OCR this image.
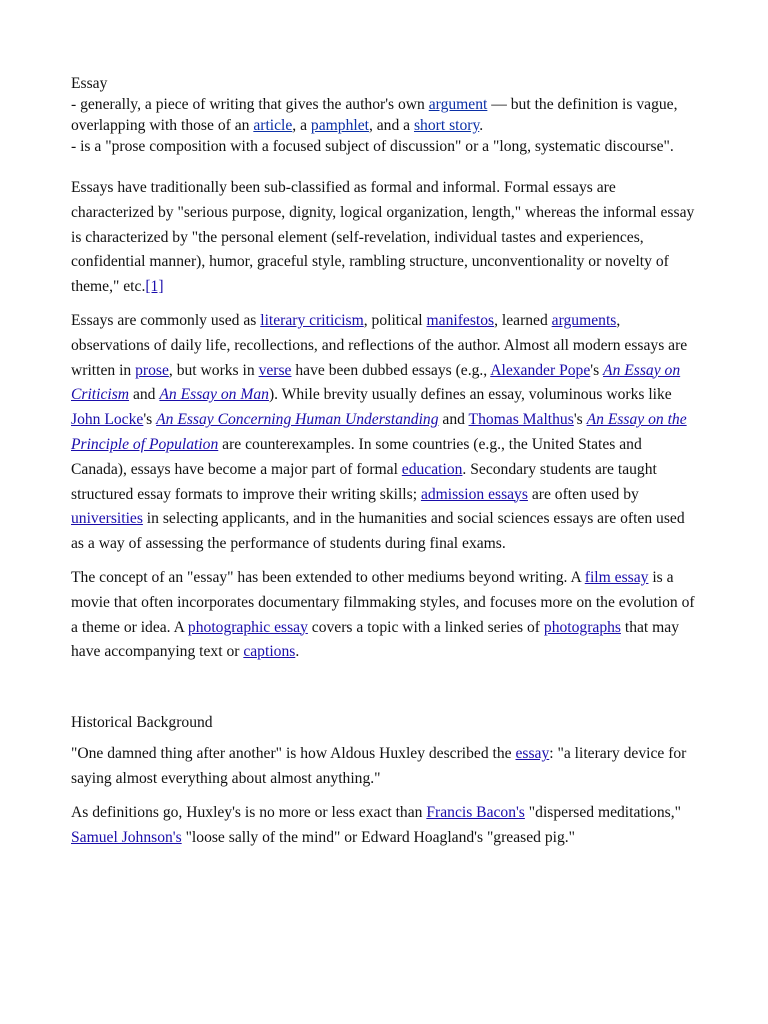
Essay

- generally, a piece of writing that gives the author's own argument — but the definition is vague, overlapping with those of an article, a pamphlet, and a short story.

- is a "prose composition with a focused subject of discussion" or a "long, systematic discourse".

Essays have traditionally been sub-classified as formal and informal. Formal essays are characterized by "serious purpose, dignity, logical organization, length," whereas the informal essay is characterized by "the personal element (self-revelation, individual tastes and experiences, confidential manner), humor, graceful style, rambling structure, unconventionality or novelty of theme," etc.[1]

Essays are commonly used as literary criticism, political manifestos, learned arguments, observations of daily life, recollections, and reflections of the author. Almost all modern essays are written in prose, but works in verse have been dubbed essays (e.g., Alexander Pope's An Essay on Criticism and An Essay on Man). While brevity usually defines an essay, voluminous works like John Locke's An Essay Concerning Human Understanding and Thomas Malthus's An Essay on the Principle of Population are counterexamples. In some countries (e.g., the United States and Canada), essays have become a major part of formal education. Secondary students are taught structured essay formats to improve their writing skills; admission essays are often used by universities in selecting applicants, and in the humanities and social sciences essays are often used as a way of assessing the performance of students during final exams.

The concept of an "essay" has been extended to other mediums beyond writing. A film essay is a movie that often incorporates documentary filmmaking styles, and focuses more on the evolution of a theme or idea. A photographic essay covers a topic with a linked series of photographs that may have accompanying text or captions.

Historical Background

"One damned thing after another" is how Aldous Huxley described the essay: "a literary device for saying almost everything about almost anything."

As definitions go, Huxley's is no more or less exact than Francis Bacon's "dispersed meditations," Samuel Johnson's "loose sally of the mind" or Edward Hoagland's "greased pig."
